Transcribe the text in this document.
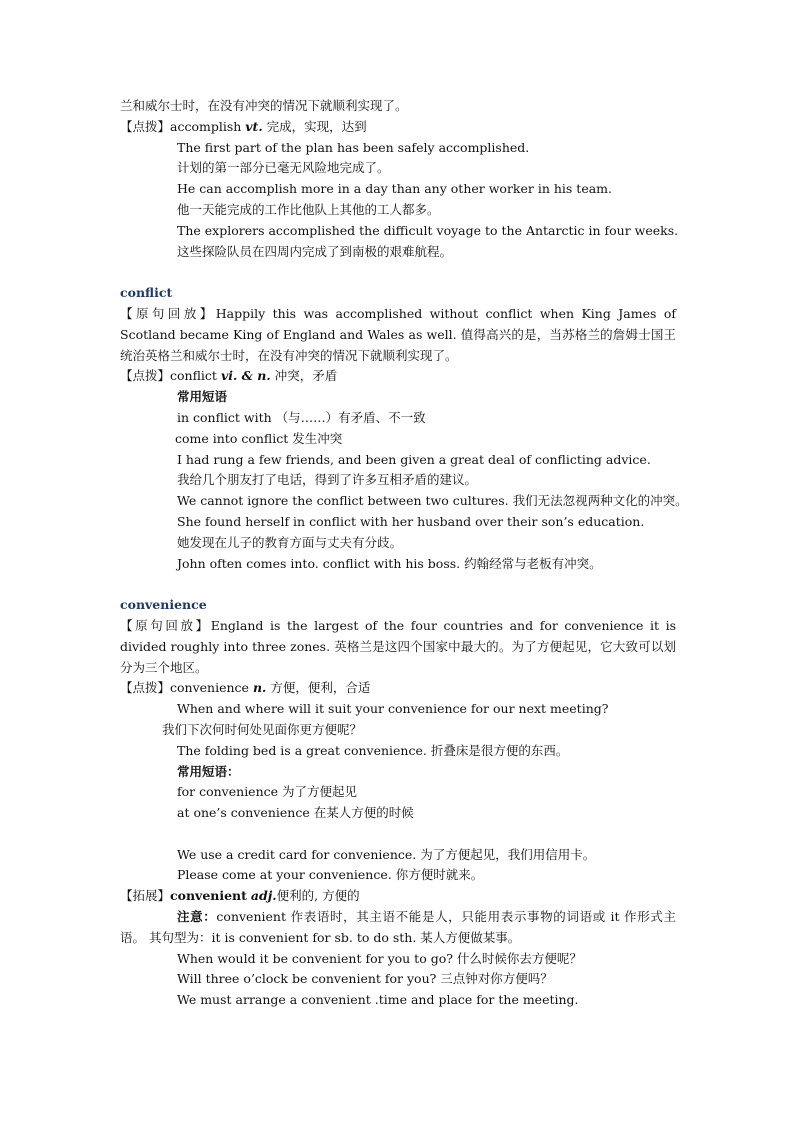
兰和威尔士时，在没有冲突的情况下就顺利实现了。
【点拨】accomplish vt. 完成，实现，达到
The first part of the plan has been safely accomplished.
计划的第一部分已毫无风险地完成了。
He can accomplish more in a day than any other worker in his team.
他一天能完成的工作比他队上其他的工人都多。
The explorers accomplished the difficult voyage to the Antarctic in four weeks.
这些探险队员在四周内完成了到南极的艰难航程。
conflict
【原句回放】Happily this was accomplished without conflict when King James of Scotland became King of England and Wales as well. 值得高兴的是，当苏格兰的詹姆士国王统治英格兰和威尔士时，在没有冲突的情况下就顺利实现了。
【点拨】conflict vi. & n. 冲突，矛盾
常用短语
in conflict with （与……）有矛盾、不一致
come into conflict 发生冲突
I had rung a few friends, and been given a great deal of conflicting advice.
我给几个朋友打了电话，得到了许多互相矛盾的建议。
We cannot ignore the conflict between two cultures. 我们无法忽视两种文化的冲突。
She found herself in conflict with her husband over their son’s education.
她发现在儿子的教育方面与丈夫有分歧。
John often comes into. conflict with his boss. 约翰经常与老板有冲突。
convenience
【原句回放】England is the largest of the four countries and for convenience it is divided roughly into three zones. 英格兰是这四个国家中最大的。为了方便起见，它大致可以划分为三个地区。
【点拨】convenience n. 方便，便利，合适
When and where will it suit your convenience for our next meeting?
我们下次何时何处见面你更方便呢？
The folding bed is a great convenience. 折叠床是很方便的东西。
常用短语：
for convenience 为了方便起见
at one’s convenience 在某人方便的时候
We use a credit card for convenience. 为了方便起见，我们用信用卡。
Please come at your convenience. 你方便时就来。
【拓展】convenient adj.便利的, 方便的
注意：convenient 作表语时，其主语不能是人，只能用表示事物的词语或 it 作形式主语。 其句型为：it is convenient for sb. to do sth. 某人方便做某事。
When would it be convenient for you to go? 什么时候你去方便呢？
Will three o’clock be convenient for you? 三点钟对你方便吗？
We must arrange a convenient .time and place for the meeting.
